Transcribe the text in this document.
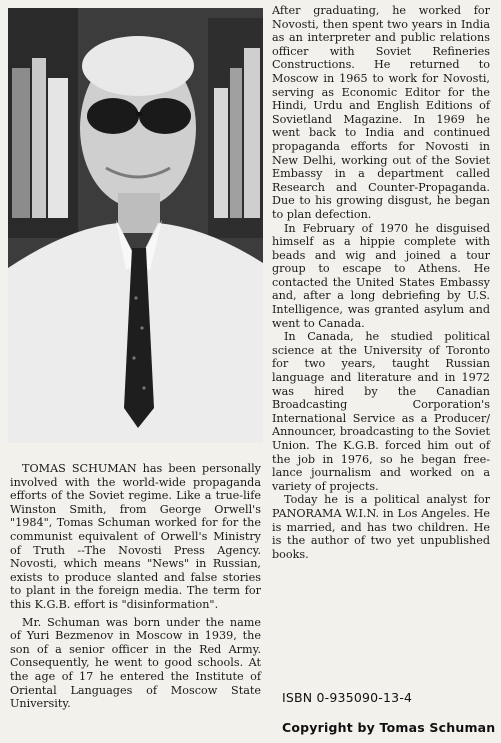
TOMAS SCHUMAN has been personally involved with the world-wide propaganda efforts of the Soviet regime. Like a true-life Winston Smith, from George Orwell's "1984", Tomas Schuman worked for for the communist equivalent of Orwell's Ministry of Truth --The Novosti Press Agency. Novosti, which means "News" in Russian, exists to produce slanted and false stories to plant in the foreign media. The term for this K.G.B. effort is "disinformation".

Mr. Schuman was born under the name of Yuri Bezmenov in Moscow in 1939, the son of a senior officer in the Red Army. Consequently, he went to good schools. At the age of 17 he entered the Institute of Oriental Languages of Moscow State University.

After graduating, he worked for Novosti, then spent two years in India as an interpreter and public relations officer with Soviet Refineries Constructions. He returned to Moscow in 1965 to work for Novosti, serving as Economic Editor for the Hindi, Urdu and English Editions of Sovietland Magazine. In 1969 he went back to India and continued propaganda efforts for Novosti in New Delhi, working out of the Soviet Embassy in a department called Research and Counter-Propaganda. Due to his growing disgust, he began to plan defection.

In February of 1970 he disguised himself as a hippie complete with beads and wig and joined a tour group to escape to Athens. He contacted the United States Embassy and, after a long debriefing by U.S. Intelligence, was granted asylum and went to Canada.

In Canada, he studied political science at the University of Toronto for two years, taught Russian language and literature and in 1972 was hired by the Canadian Broadcasting Corporation's International Service as a Producer/ Announcer, broadcasting to the Soviet Union. The K.G.B. forced him out of the job in 1976, so he began free-lance journalism and worked on a variety of projects.

Today he is a political analyst for PANORAMA W.I.N. in Los Angeles. He is married, and has two children. He is the author of two yet unpublished books.

ISBN 0-935090-13-4
Copyright by Tomas Schuman
